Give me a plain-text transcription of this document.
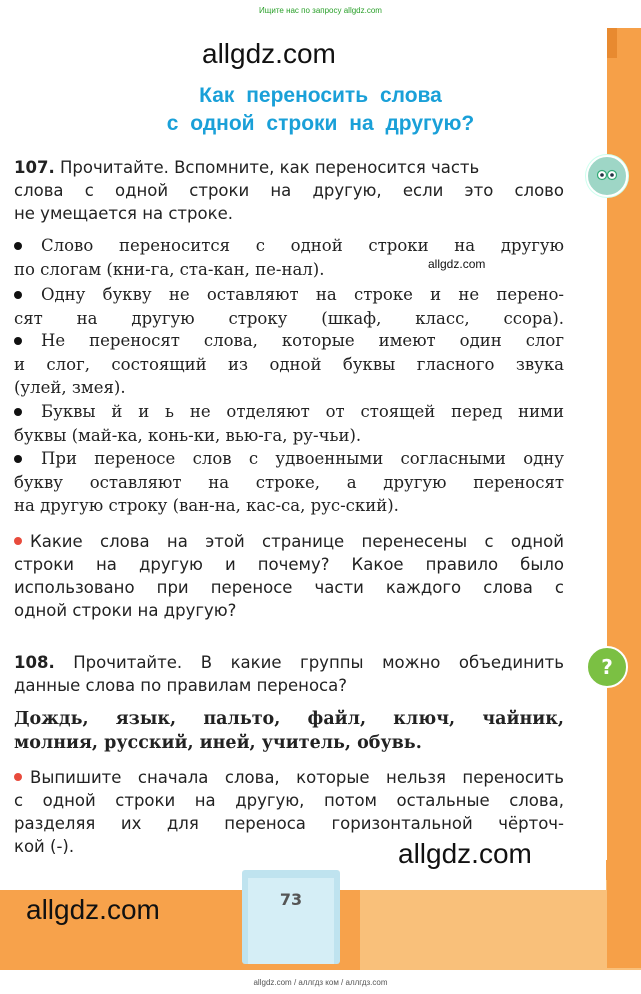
Ищите нас по запросу allgdz.com
allgdz.com
Как переносить слова
с одной строки на другую?
107. Прочитайте. Вспомните, как переносится часть
слова с одной строки на другую, если это слово
не умещается на строке.
Слово переносится с одной строки на другую
по слогам (кни-га, ста-кан, пе-нал).	allgdz.com
Одну букву не оставляют на строке и не перено-
сят на другую строку (шкаф, класс, ссора).
Не переносят слова, которые имеют один слог
и слог, состоящий из одной буквы гласного звука
(улей, змея).
Буквы й и ь не отделяют от стоящей перед ними
буквы (май-ка, конь-ки, вью-га, ру-чьи).
При переносе слов с удвоенными согласными одну
букву оставляют на строке, а другую переносят
на другую строку (ван-на, кас-са, рус-ский).
Какие слова на этой странице перенесены с одной
строки на другую и почему? Какое правило было
использовано при переносе части каждого слова с
одной строки на другую?
108. Прочитайте. В какие группы можно объединить
данные слова по правилам переноса?
?
Дождь, язык, пальто, файл, ключ, чайник,
молния, русский, иней, учитель, обувь.
Выпишите сначала слова, которые нельзя переносить
с одной строки на другую, потом остальные слова,
разделяя их для переноса горизонтальной чёрточ-
кой (-).	allgdz.com
73
allgdz.com
allgdz.com / аллгдз ком / аллгдз.com
